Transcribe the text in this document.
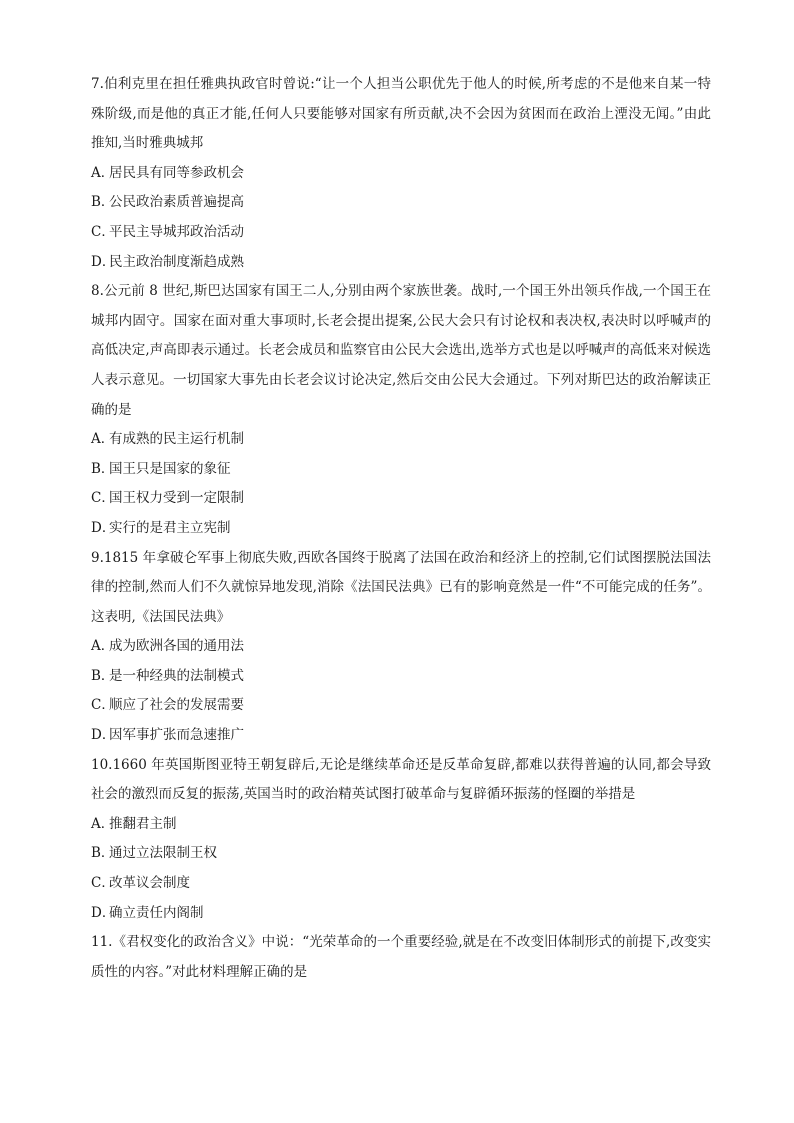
7.伯利克里在担任雅典执政官时曾说:“让一个人担当公职优先于他人的时候,所考虑的不是他来自某一特殊阶级,而是他的真正才能,任何人只要能够对国家有所贡献,决不会因为贫困而在政治上湮没无闻。”由此推知,当时雅典城邦

A．居民具有同等参政机会

B．公民政治素质普遍提高

C．平民主导城邦政治活动

D．民主政治制度渐趋成熟

8.公元前 8 世纪,斯巴达国家有国王二人,分别由两个家族世袭。战时,一个国王外出领兵作战,一个国王在城邦内固守。国家在面对重大事项时,长老会提出提案,公民大会只有讨论权和表决权,表决时以呼喊声的高低决定,声高即表示通过。长老会成员和监察官由公民大会选出,选举方式也是以呼喊声的高低来对候选人表示意见。一切国家大事先由长老会议讨论决定,然后交由公民大会通过。下列对斯巴达的政治解读正确的是

A．有成熟的民主运行机制

B．国王只是国家的象征

C．国王权力受到一定限制

D．实行的是君主立宪制

9.1815 年拿破仑军事上彻底失败,西欧各国终于脱离了法国在政治和经济上的控制,它们试图摆脱法国法律的控制,然而人们不久就惊异地发现,消除《法国民法典》已有的影响竟然是一件“不可能完成的任务”。这表明,《法国民法典》

A．成为欧洲各国的通用法

B．是一种经典的法制模式

C．顺应了社会的发展需要

D．因军事扩张而急速推广

10.1660 年英国斯图亚特王朝复辟后,无论是继续革命还是反革命复辟,都难以获得普遍的认同,都会导致社会的激烈而反复的振荡,英国当时的政治精英试图打破革命与复辟循环振荡的怪圈的举措是

A．推翻君主制

B．通过立法限制王权

C．改革议会制度

D．确立责任内阁制

11.《君权变化的政治含义》中说：“光荣革命的一个重要经验,就是在不改变旧体制形式的前提下,改变实质性的内容。”对此材料理解正确的是
